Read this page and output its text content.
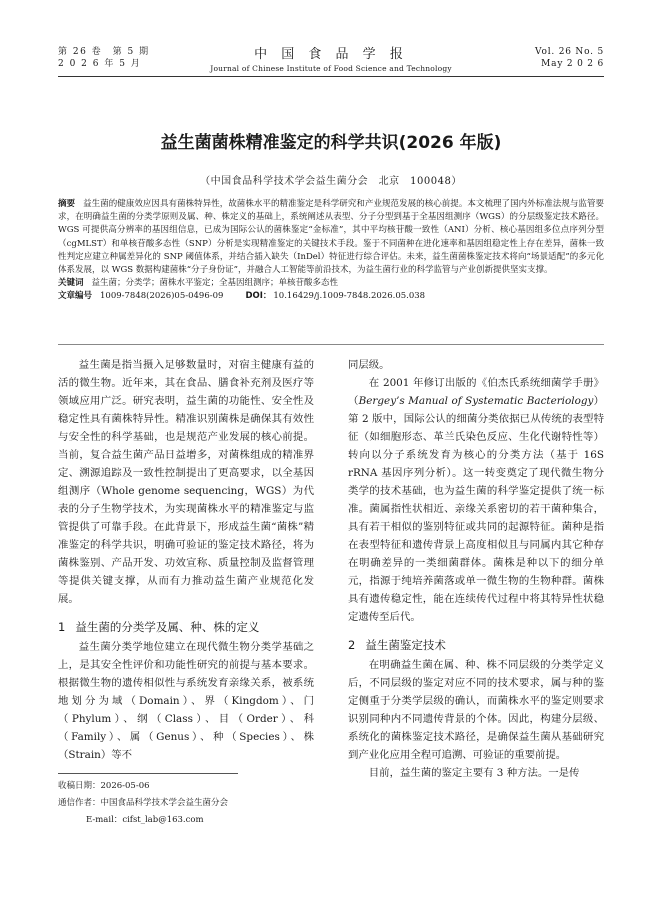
第 26 卷　第 5 期
2 0 2 6 年 5 月
中 国 食 品 学 报
Journal of Chinese Institute of Food Science and Technology
Vol. 26 No. 5
May 2 0 2 6
益生菌菌株精准鉴定的科学共识(2026 年版)
（中国食品科学技术学会益生菌分会　北京　100048）

摘要 益生菌的健康效应因具有菌株特异性，故菌株水平的精准鉴定是科学研究和产业规范发展的核心前提。本文梳理了国内外标准法规与监管要求，在明确益生菌的分类学原则及属、种、株定义的基础上，系统阐述从表型、分子分型到基于全基因组测序（WGS）的分层级鉴定技术路径。WGS 可提供高分辨率的基因组信息，已成为国际公认的菌株鉴定“金标准”，其中平均核苷酸一致性（ANI）分析、核心基因组多位点序列分型（cgMLST）和单核苷酸多态性（SNP）分析是实现精准鉴定的关键技术手段。鉴于不同菌种在进化速率和基因组稳定性上存在差异，菌株一致性判定应建立种属差异化的 SNP 阈值体系，并结合插入缺失（InDel）特征进行综合评估。未来，益生菌菌株鉴定技术将向“场景适配”的多元化体系发展，以 WGS 数据构建菌株“分子身份证”，并融合人工智能等前沿技术，为益生菌行业的科学监管与产业创新提供坚实支撑。

关键词 益生菌；分类学；菌株水平鉴定；全基因组测序；单核苷酸多态性

文章编号 1009-7848(2026)05-0496-09	DOI： 10.16429/j.1009-7848.2026.05.038

益生菌是指当摄入足够数量时，对宿主健康有益的活的微生物。近年来，其在食品、膳食补充剂及医疗等领域应用广泛。研究表明，益生菌的功能性、安全性及稳定性具有菌株特异性。精准识别菌株是确保其有效性与安全性的科学基础，也是规范产业发展的核心前提。当前，复合益生菌产品日益增多，对菌株组成的精准界定、溯源追踪及一致性控制提出了更高要求，以全基因组测序（Whole genome sequencing，WGS）为代表的分子生物学技术，为实现菌株水平的精准鉴定与监管提供了可靠手段。在此背景下，形成益生菌“菌株”精准鉴定的科学共识，明确可验证的鉴定技术路径，将为菌株鉴别、产品开发、功效宣称、质量控制及监督管理等提供关键支撑，从而有力推动益生菌产业规范化发展。

1 益生菌的分类学及属、种、株的定义

益生菌分类学地位建立在现代微生物分类学基础之上，是其安全性评价和功能性研究的前提与基本要求。根据微生物的遗传相似性与系统发育亲缘关系，被系统地划分为域（Domain）、界（Kingdom）、门（Phylum）、纲（Class）、目（Order）、科（Family）、属（Genus）、种（Species）、株（Strain）等不

同层级。

在 2001 年修订出版的《伯杰氏系统细菌学手册》（Bergey’s Manual of Systematic Bacteriology）第 2 版中，国际公认的细菌分类依据已从传统的表型特征（如细胞形态、革兰氏染色反应、生化代谢特性等）转向以分子系统发育为核心的分类方法（基于 16S rRNA 基因序列分析）。这一转变奠定了现代微生物分类学的技术基础，也为益生菌的科学鉴定提供了统一标准。菌属指性状相近、亲缘关系密切的若干菌种集合，具有若干相似的鉴别特征或共同的起源特征。菌种是指在表型特征和遗传背景上高度相似且与同属内其它种存在明确差异的一类细菌群体。菌株是种以下的细分单元，指源于纯培养菌落或单一微生物的生物种群。菌株具有遗传稳定性，能在连续传代过程中将其特异性状稳定遗传至后代。

2 益生菌鉴定技术

在明确益生菌在属、种、株不同层级的分类学定义后，不同层级的鉴定对应不同的技术要求，属与种的鉴定侧重于分类学层级的确认，而菌株水平的鉴定则要求识别同种内不同遗传背景的个体。因此，构建分层级、系统化的菌株鉴定技术路径，是确保益生菌从基础研究到产业化应用全程可追溯、可验证的重要前提。

目前，益生菌的鉴定主要有 3 种方法。一是传

收稿日期：2026-05-06

通信作者：中国食品科学技术学会益生菌分会

E-mail：cifst_lab@163.com
